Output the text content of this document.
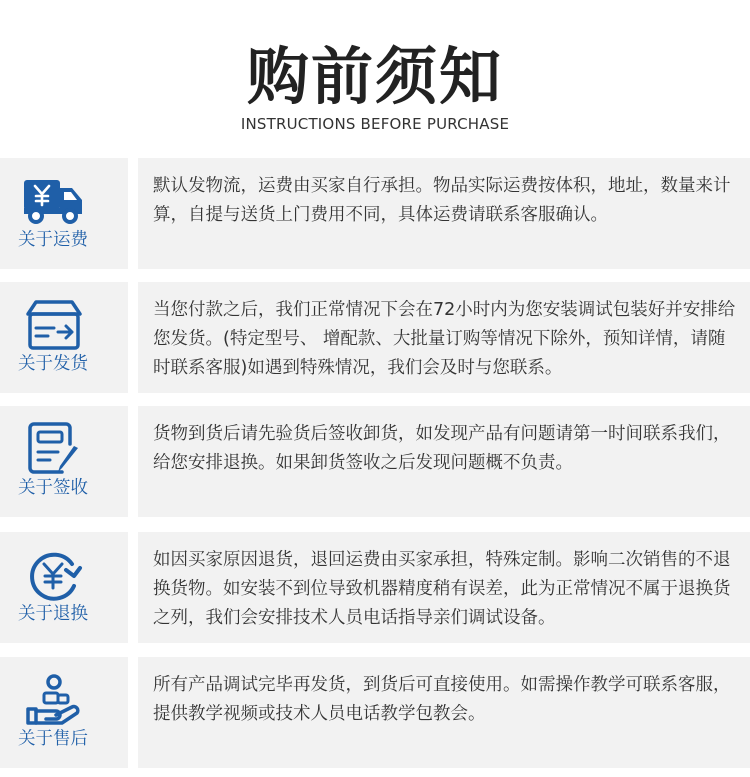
购前须知
INSTRUCTIONS BEFORE PURCHASE
关于运费

默认发物流，运费由买家自行承担。物品实际运费按体积，地址，数量来计算，自提与送货上门费用不同，具体运费请联系客服确认。

关于发货

当您付款之后，我们正常情况下会在72小时内为您安装调试包装好并安排给您发货。(特定型号、 增配款、大批量订购等情况下除外，预知详情，请随时联系客服)如遇到特殊情况，我们会及时与您联系。

关于签收

货物到货后请先验货后签收卸货，如发现产品有问题请第一时间联系我们，给您安排退换。如果卸货签收之后发现问题概不负责。

关于退换

如因买家原因退货，退回运费由买家承担，特殊定制。影响二次销售的不退换货物。如安装不到位导致机器精度稍有误差，此为正常情况不属于退换货之列，我们会安排技术人员电话指导亲们调试设备。

关于售后

所有产品调试完毕再发货，到货后可直接使用。如需操作教学可联系客服，提供教学视频或技术人员电话教学包教会。
